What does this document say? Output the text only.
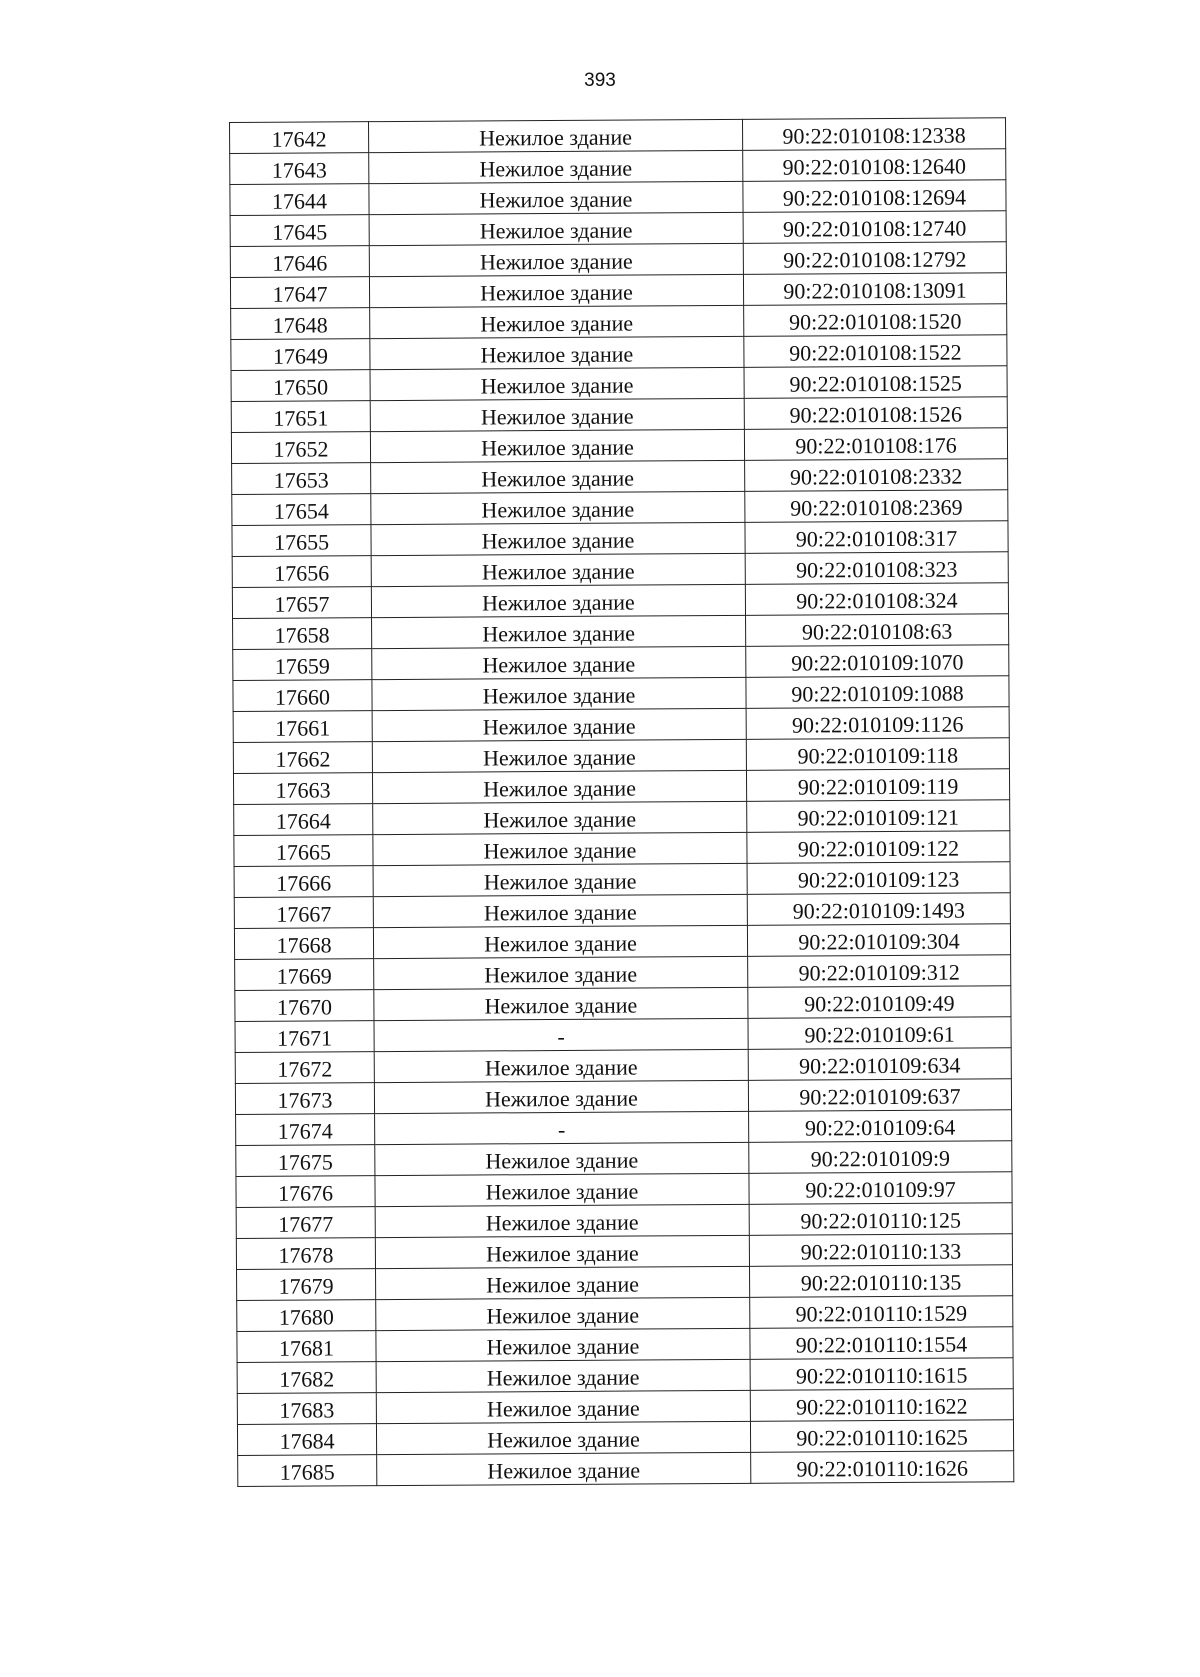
393
17642	Нежилое здание	90:22:010108:12338
17643	Нежилое здание	90:22:010108:12640
17644	Нежилое здание	90:22:010108:12694
17645	Нежилое здание	90:22:010108:12740
17646	Нежилое здание	90:22:010108:12792
17647	Нежилое здание	90:22:010108:13091
17648	Нежилое здание	90:22:010108:1520
17649	Нежилое здание	90:22:010108:1522
17650	Нежилое здание	90:22:010108:1525
17651	Нежилое здание	90:22:010108:1526
17652	Нежилое здание	90:22:010108:176
17653	Нежилое здание	90:22:010108:2332
17654	Нежилое здание	90:22:010108:2369
17655	Нежилое здание	90:22:010108:317
17656	Нежилое здание	90:22:010108:323
17657	Нежилое здание	90:22:010108:324
17658	Нежилое здание	90:22:010108:63
17659	Нежилое здание	90:22:010109:1070
17660	Нежилое здание	90:22:010109:1088
17661	Нежилое здание	90:22:010109:1126
17662	Нежилое здание	90:22:010109:118
17663	Нежилое здание	90:22:010109:119
17664	Нежилое здание	90:22:010109:121
17665	Нежилое здание	90:22:010109:122
17666	Нежилое здание	90:22:010109:123
17667	Нежилое здание	90:22:010109:1493
17668	Нежилое здание	90:22:010109:304
17669	Нежилое здание	90:22:010109:312
17670	Нежилое здание	90:22:010109:49
17671	-	90:22:010109:61
17672	Нежилое здание	90:22:010109:634
17673	Нежилое здание	90:22:010109:637
17674	-	90:22:010109:64
17675	Нежилое здание	90:22:010109:9
17676	Нежилое здание	90:22:010109:97
17677	Нежилое здание	90:22:010110:125
17678	Нежилое здание	90:22:010110:133
17679	Нежилое здание	90:22:010110:135
17680	Нежилое здание	90:22:010110:1529
17681	Нежилое здание	90:22:010110:1554
17682	Нежилое здание	90:22:010110:1615
17683	Нежилое здание	90:22:010110:1622
17684	Нежилое здание	90:22:010110:1625
17685	Нежилое здание	90:22:010110:1626
